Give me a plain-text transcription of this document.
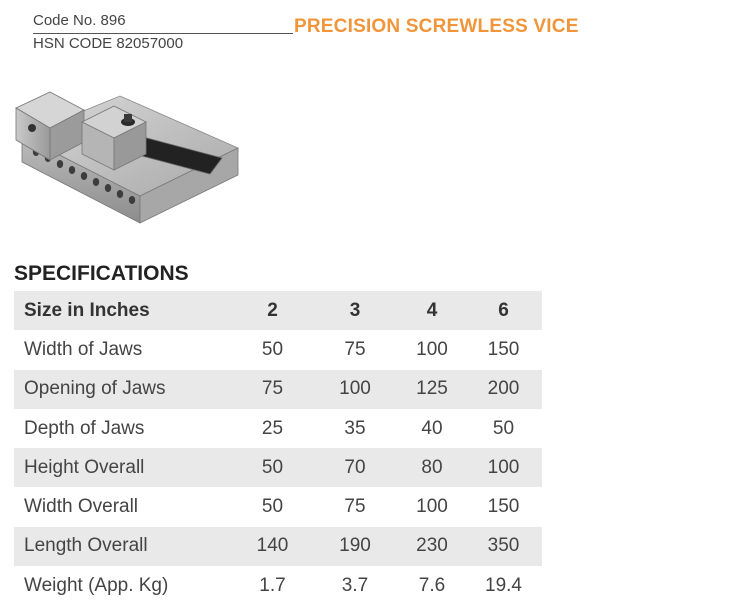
Code No. 896
HSN CODE 82057000
PRECISION SCREWLESS VICE
SPECIFICATIONS
Size in Inches	2	3	4	6
Width of Jaws	50	75	100	150
Opening of Jaws	75	100	125	200
Depth of Jaws	25	35	40	50
Height Overall	50	70	80	100
Width Overall	50	75	100	150
Length Overall	140	190	230	350
Weight (App. Kg)	1.7	3.7	7.6	19.4
